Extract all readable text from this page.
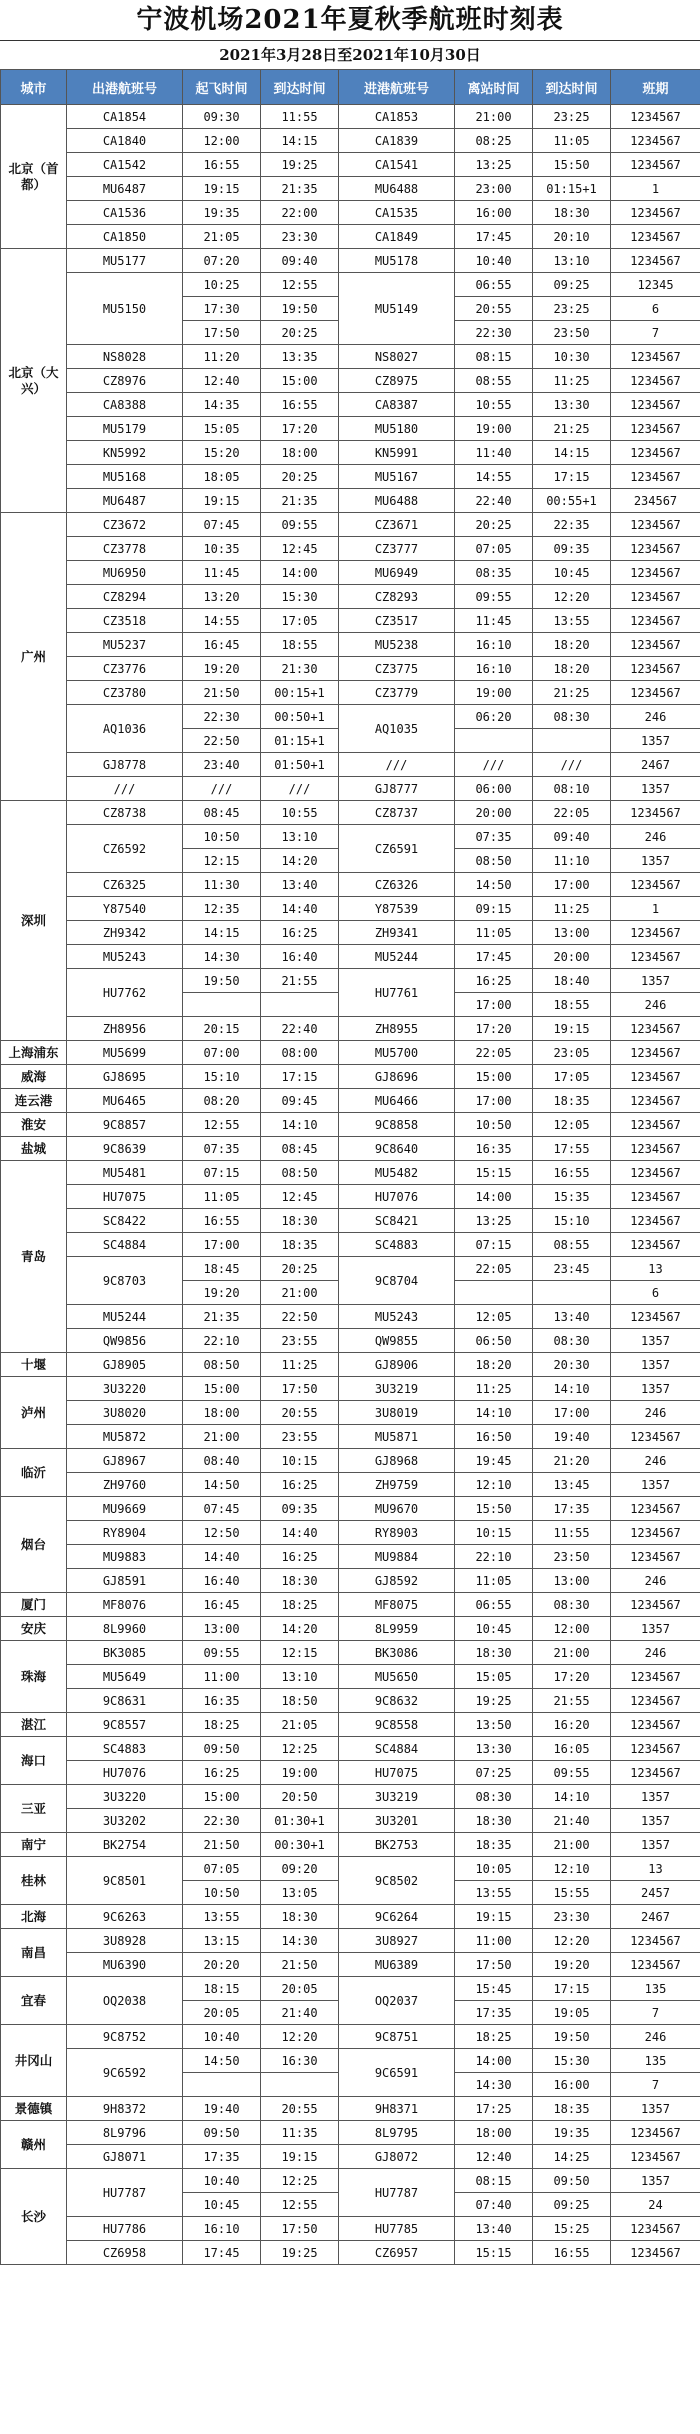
宁波机场2021年夏秋季航班时刻表
2021年3月28日至2021年10月30日
城市	出港航班号	起飞时间	到达时间	进港航班号	离站时间	到达时间	班期
北京（首都）	CA1854	09:30	11:55	CA1853	21:00	23:25	1234567
	CA1840	12:00	14:15	CA1839	08:25	11:05	1234567
	CA1542	16:55	19:25	CA1541	13:25	15:50	1234567
	MU6487	19:15	21:35	MU6488	23:00	01:15+1	1
	CA1536	19:35	22:00	CA1535	16:00	18:30	1234567
	CA1850	21:05	23:30	CA1849	17:45	20:10	1234567
北京（大兴）	MU5177	07:20	09:40	MU5178	10:40	13:10	1234567
	MU5150	10:25	12:55	MU5149	06:55	09:25	12345
		17:30	19:50		20:55	23:25	6
		17:50	20:25		22:30	23:50	7
	NS8028	11:20	13:35	NS8027	08:15	10:30	1234567
	CZ8976	12:40	15:00	CZ8975	08:55	11:25	1234567
	CA8388	14:35	16:55	CA8387	10:55	13:30	1234567
	MU5179	15:05	17:20	MU5180	19:00	21:25	1234567
	KN5992	15:20	18:00	KN5991	11:40	14:15	1234567
	MU5168	18:05	20:25	MU5167	14:55	17:15	1234567
	MU6487	19:15	21:35	MU6488	22:40	00:55+1	234567
广州	CZ3672	07:45	09:55	CZ3671	20:25	22:35	1234567
	CZ3778	10:35	12:45	CZ3777	07:05	09:35	1234567
	MU6950	11:45	14:00	MU6949	08:35	10:45	1234567
	CZ8294	13:20	15:30	CZ8293	09:55	12:20	1234567
	CZ3518	14:55	17:05	CZ3517	11:45	13:55	1234567
	MU5237	16:45	18:55	MU5238	16:10	18:20	1234567
	CZ3776	19:20	21:30	CZ3775	16:10	18:20	1234567
	CZ3780	21:50	00:15+1	CZ3779	19:00	21:25	1234567
	AQ1036	22:30	00:50+1	AQ1035	06:20	08:30	246
		22:50	01:15+1				1357
	GJ8778	23:40	01:50+1	///	///	///	2467
	///	///	///	GJ8777	06:00	08:10	1357
深圳	CZ8738	08:45	10:55	CZ8737	20:00	22:05	1234567
	CZ6592	10:50	13:10	CZ6591	07:35	09:40	246
		12:15	14:20		08:50	11:10	1357
	CZ6325	11:30	13:40	CZ6326	14:50	17:00	1234567
	Y87540	12:35	14:40	Y87539	09:15	11:25	1
	ZH9342	14:15	16:25	ZH9341	11:05	13:00	1234567
	MU5243	14:30	16:40	MU5244	17:45	20:00	1234567
	HU7762	19:50	21:55	HU7761	16:25	18:40	1357
					17:00	18:55	246
	ZH8956	20:15	22:40	ZH8955	17:20	19:15	1234567
上海浦东	MU5699	07:00	08:00	MU5700	22:05	23:05	1234567
威海	GJ8695	15:10	17:15	GJ8696	15:00	17:05	1234567
连云港	MU6465	08:20	09:45	MU6466	17:00	18:35	1234567
淮安	9C8857	12:55	14:10	9C8858	10:50	12:05	1234567
盐城	9C8639	07:35	08:45	9C8640	16:35	17:55	1234567
青岛	MU5481	07:15	08:50	MU5482	15:15	16:55	1234567
	HU7075	11:05	12:45	HU7076	14:00	15:35	1234567
	SC8422	16:55	18:30	SC8421	13:25	15:10	1234567
	SC4884	17:00	18:35	SC4883	07:15	08:55	1234567
	9C8703	18:45	20:25	9C8704	22:05	23:45	13
		19:20	21:00				6
	MU5244	21:35	22:50	MU5243	12:05	13:40	1234567
	QW9856	22:10	23:55	QW9855	06:50	08:30	1357
十堰	GJ8905	08:50	11:25	GJ8906	18:20	20:30	1357
泸州	3U3220	15:00	17:50	3U3219	11:25	14:10	1357
	3U8020	18:00	20:55	3U8019	14:10	17:00	246
	MU5872	21:00	23:55	MU5871	16:50	19:40	1234567
临沂	GJ8967	08:40	10:15	GJ8968	19:45	21:20	246
	ZH9760	14:50	16:25	ZH9759	12:10	13:45	1357
烟台	MU9669	07:45	09:35	MU9670	15:50	17:35	1234567
	RY8904	12:50	14:40	RY8903	10:15	11:55	1234567
	MU9883	14:40	16:25	MU9884	22:10	23:50	1234567
	GJ8591	16:40	18:30	GJ8592	11:05	13:00	246
厦门	MF8076	16:45	18:25	MF8075	06:55	08:30	1234567
安庆	8L9960	13:00	14:20	8L9959	10:45	12:00	1357
珠海	BK3085	09:55	12:15	BK3086	18:30	21:00	246
	MU5649	11:00	13:10	MU5650	15:05	17:20	1234567
	9C8631	16:35	18:50	9C8632	19:25	21:55	1234567
湛江	9C8557	18:25	21:05	9C8558	13:50	16:20	1234567
海口	SC4883	09:50	12:25	SC4884	13:30	16:05	1234567
	HU7076	16:25	19:00	HU7075	07:25	09:55	1234567
三亚	3U3220	15:00	20:50	3U3219	08:30	14:10	1357
	3U3202	22:30	01:30+1	3U3201	18:30	21:40	1357
南宁	BK2754	21:50	00:30+1	BK2753	18:35	21:00	1357
桂林	9C8501	07:05	09:20	9C8502	10:05	12:10	13
		10:50	13:05		13:55	15:55	2457
北海	9C6263	13:55	18:30	9C6264	19:15	23:30	2467
南昌	3U8928	13:15	14:30	3U8927	11:00	12:20	1234567
	MU6390	20:20	21:50	MU6389	17:50	19:20	1234567
宜春	OQ2038	18:15	20:05	OQ2037	15:45	17:15	135
		20:05	21:40		17:35	19:05	7
井冈山	9C8752	10:40	12:20	9C8751	18:25	19:50	246
	9C6592	14:50	16:30	9C6591	14:00	15:30	135
					14:30	16:00	7
景德镇	9H8372	19:40	20:55	9H8371	17:25	18:35	1357
赣州	8L9796	09:50	11:35	8L9795	18:00	19:35	1234567
	GJ8071	17:35	19:15	GJ8072	12:40	14:25	1234567
长沙	HU7787	10:40	12:25	HU7787	08:15	09:50	1357
		10:45	12:55		07:40	09:25	24
	HU7786	16:10	17:50	HU7785	13:40	15:25	1234567
	CZ6958	17:45	19:25	CZ6957	15:15	16:55	1234567
